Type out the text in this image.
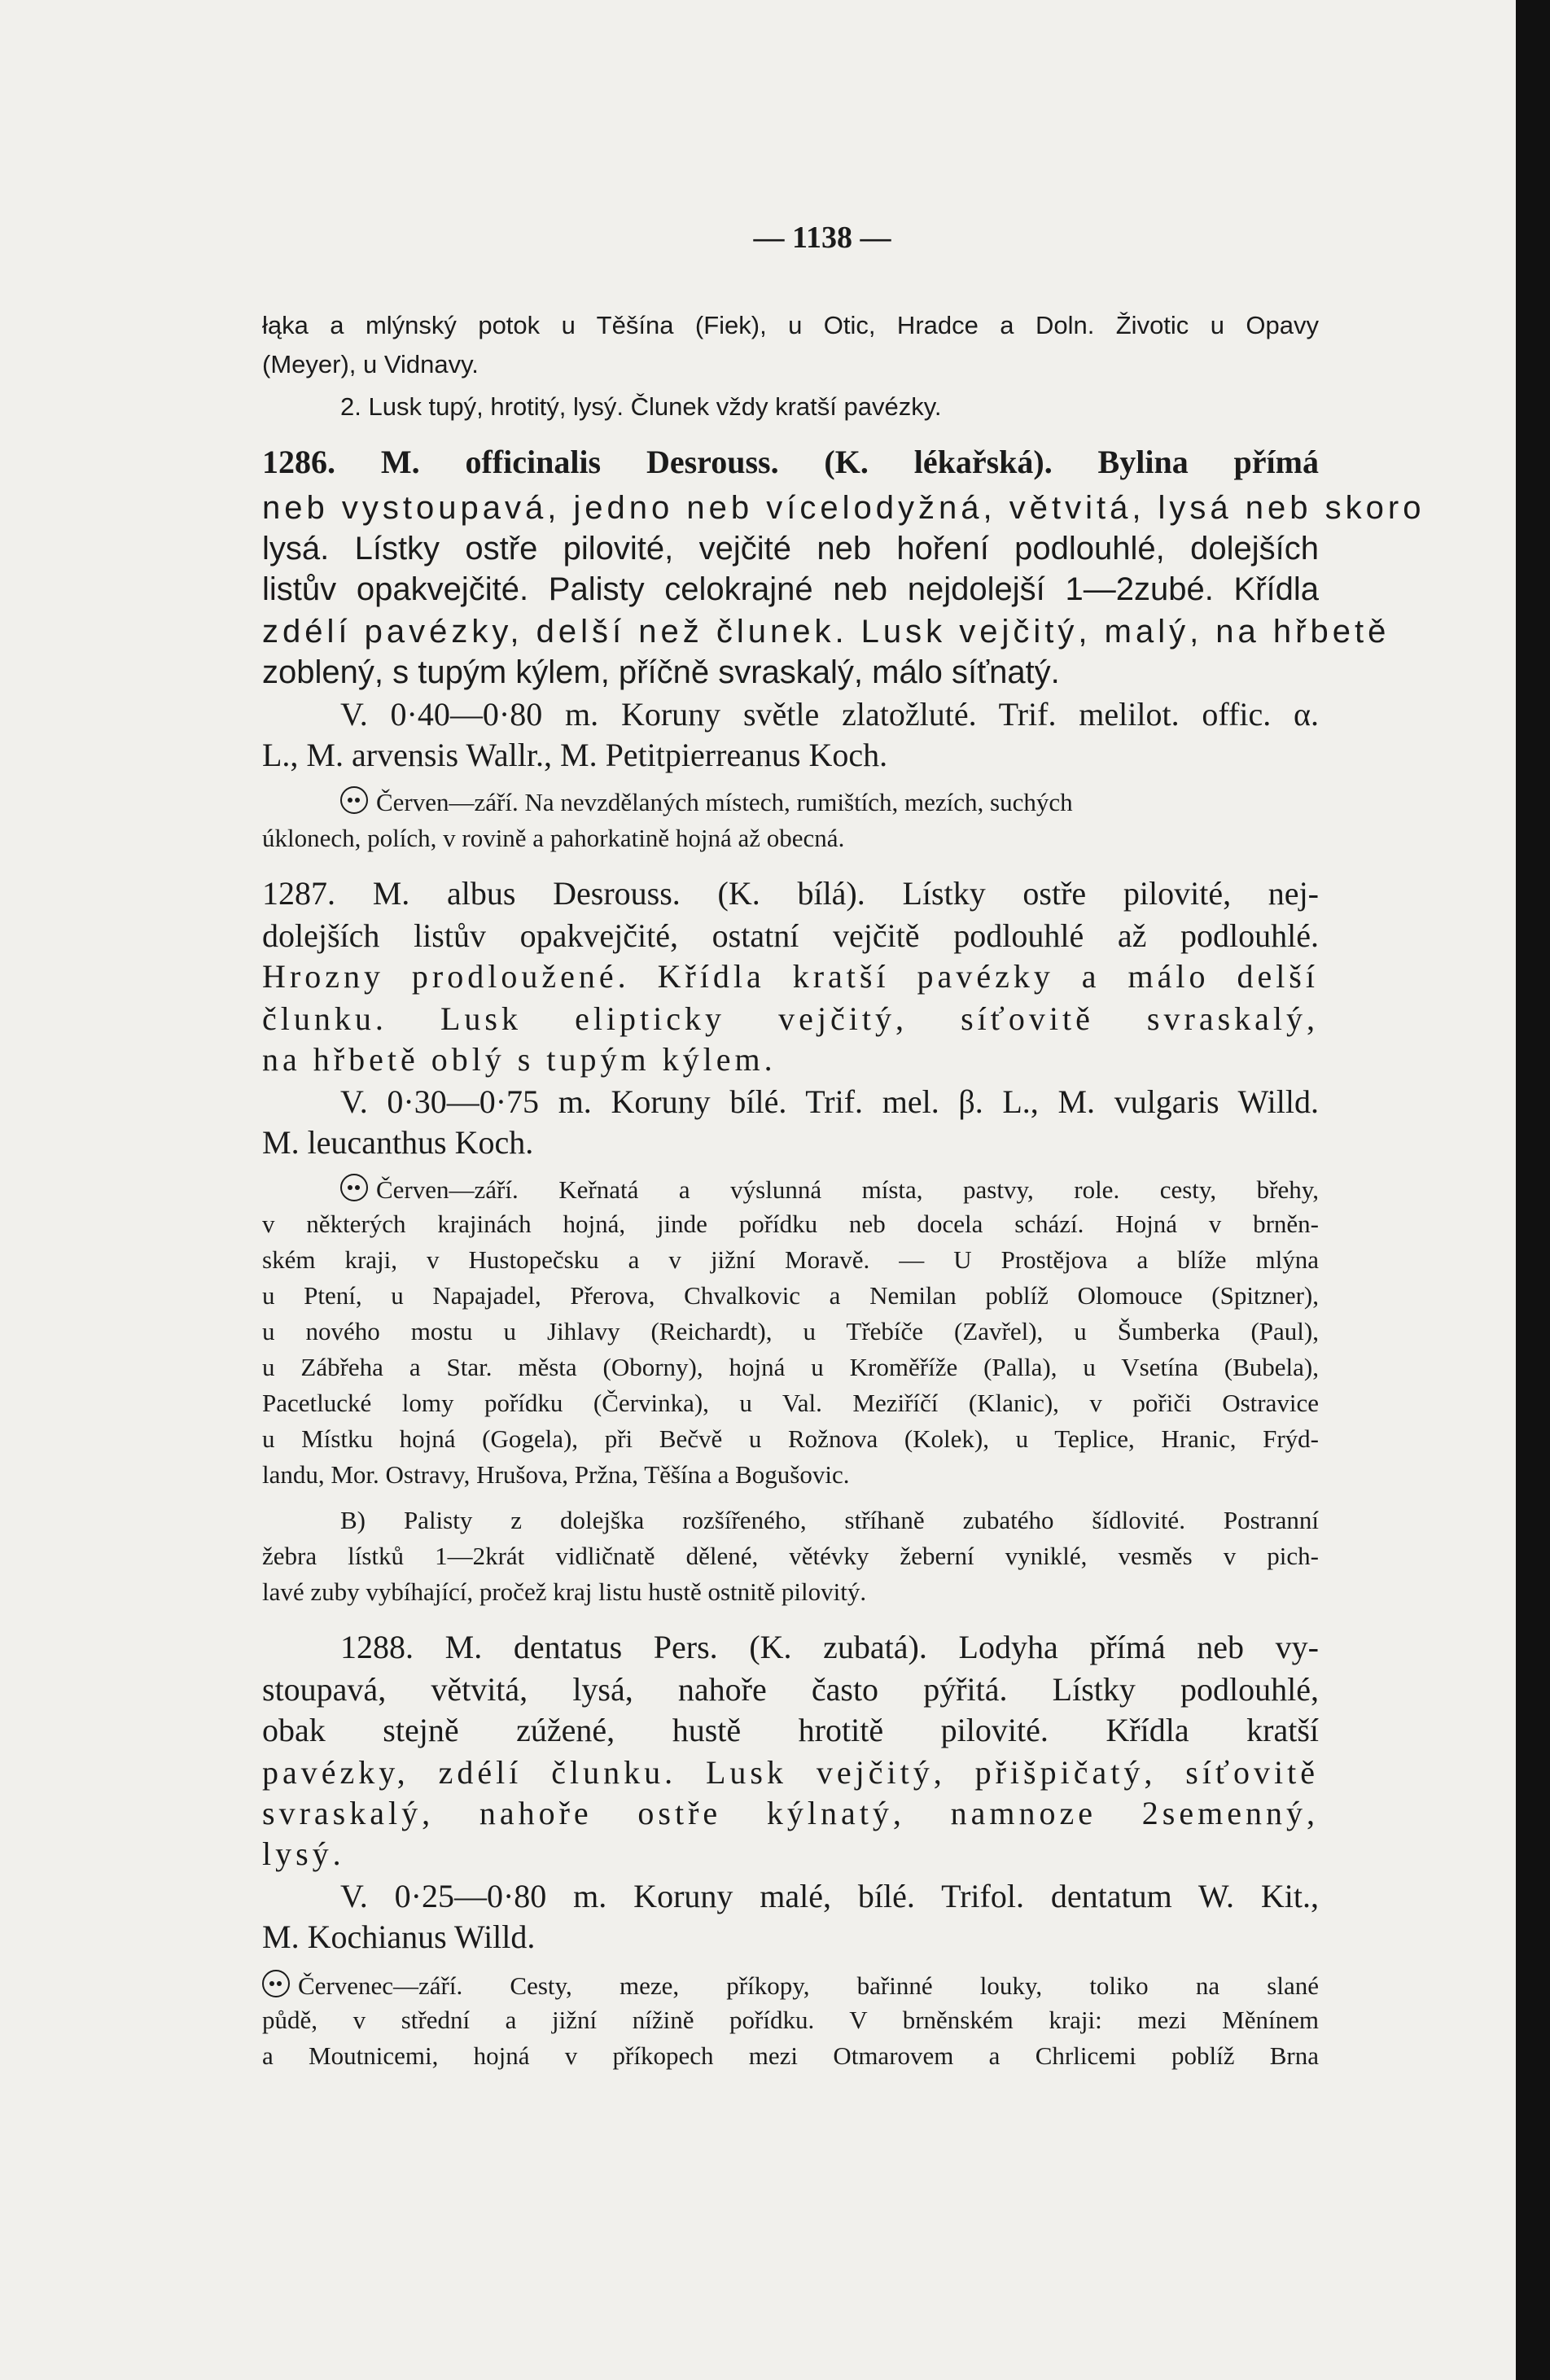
— 1138 —
łąka a mlýnský potok u Těšína (Fiek), u Otic, Hradce a Doln. Životic u Opavy
(Meyer), u Vidnavy.
2. Lusk tupý, hrotitý, lysý. Člunek vždy kratší pavézky.
1286. M. officinalis Desrouss. (K. lékařská). Bylina přímá
neb vystoupavá, jedno neb vícelodyžná, větvitá, lysá neb skoro
lysá. Lístky ostře pilovité, vejčité neb hoření podlouhlé, dolejších
listův opakvejčité. Palisty celokrajné neb nejdolejší 1—2zubé. Křídla
zdélí pavézky, delší než člunek. Lusk vejčitý, malý, na hřbetě
zoblený, s tupým kýlem, příčně svraskalý, málo síťnatý.
V. 0·40—0·80 m. Koruny světle zlatožluté. Trif. melilot. offic. α.
L., M. arvensis Wallr., M. Petitpierreanus Koch.
Červen—září. Na nevzdělaných místech, rumištích, mezích, suchých
úklonech, polích, v rovině a pahorkatině hojná až obecná.
1287. M. albus Desrouss. (K. bílá). Lístky ostře pilovité, nej-
dolejších listův opakvejčité, ostatní vejčitě podlouhlé až podlouhlé.
Hrozny prodloužené. Křídla kratší pavézky a málo delší
člunku. Lusk elipticky vejčitý, síťovitě svraskalý,
na hřbetě oblý s tupým kýlem.
V. 0·30—0·75 m. Koruny bílé. Trif. mel. β. L., M. vulgaris Willd.
M. leucanthus Koch.
Červen—září. Keřnatá a výslunná místa, pastvy, role. cesty, břehy,
v některých krajinách hojná, jinde pořídku neb docela schází. Hojná v brněn-
ském kraji, v Hustopečsku a v jižní Moravě. — U Prostějova a blíže mlýna
u Ptení, u Napajadel, Přerova, Chvalkovic a Nemilan poblíž Olomouce (Spitzner),
u nového mostu u Jihlavy (Reichardt), u Třebíče (Zavřel), u Šumberka (Paul),
u Zábřeha a Star. města (Oborny), hojná u Kroměříže (Palla), u Vsetína (Bubela),
Pacetlucké lomy pořídku (Červinka), u Val. Meziříčí (Klanic), v pořiči Ostravice
u Místku hojná (Gogela), při Bečvě u Rožnova (Kolek), u Teplice, Hranic, Frýd-
landu, Mor. Ostravy, Hrušova, Pržna, Těšína a Bogušovic.
B) Palisty z dolejška rozšířeného, stříhaně zubatého šídlovité. Postranní
žebra lístků 1—2krát vidličnatě dělené, větévky žeberní vyniklé, vesměs v pich-
lavé zuby vybíhající, pročež kraj listu hustě ostnitě pilovitý.
1288. M. dentatus Pers. (K. zubatá). Lodyha přímá neb vy-
stoupavá, větvitá, lysá, nahoře často pýřitá. Lístky podlouhlé,
obak stejně zúžené, hustě hrotitě pilovité. Křídla kratší
pavézky, zdélí člunku. Lusk vejčitý, přišpičatý, síťovitě
svraskalý, nahoře ostře kýlnatý, namnoze 2semenný,
lysý.
V. 0·25—0·80 m. Koruny malé, bílé. Trifol. dentatum W. Kit.,
M. Kochianus Willd.
Červenec—září. Cesty, meze, příkopy, bařinné louky, toliko na slané
půdě, v střední a jižní nížině pořídku. V brněnském kraji: mezi Měnínem
a Moutnicemi, hojná v příkopech mezi Otmarovem a Chrlicemi poblíž Brna
